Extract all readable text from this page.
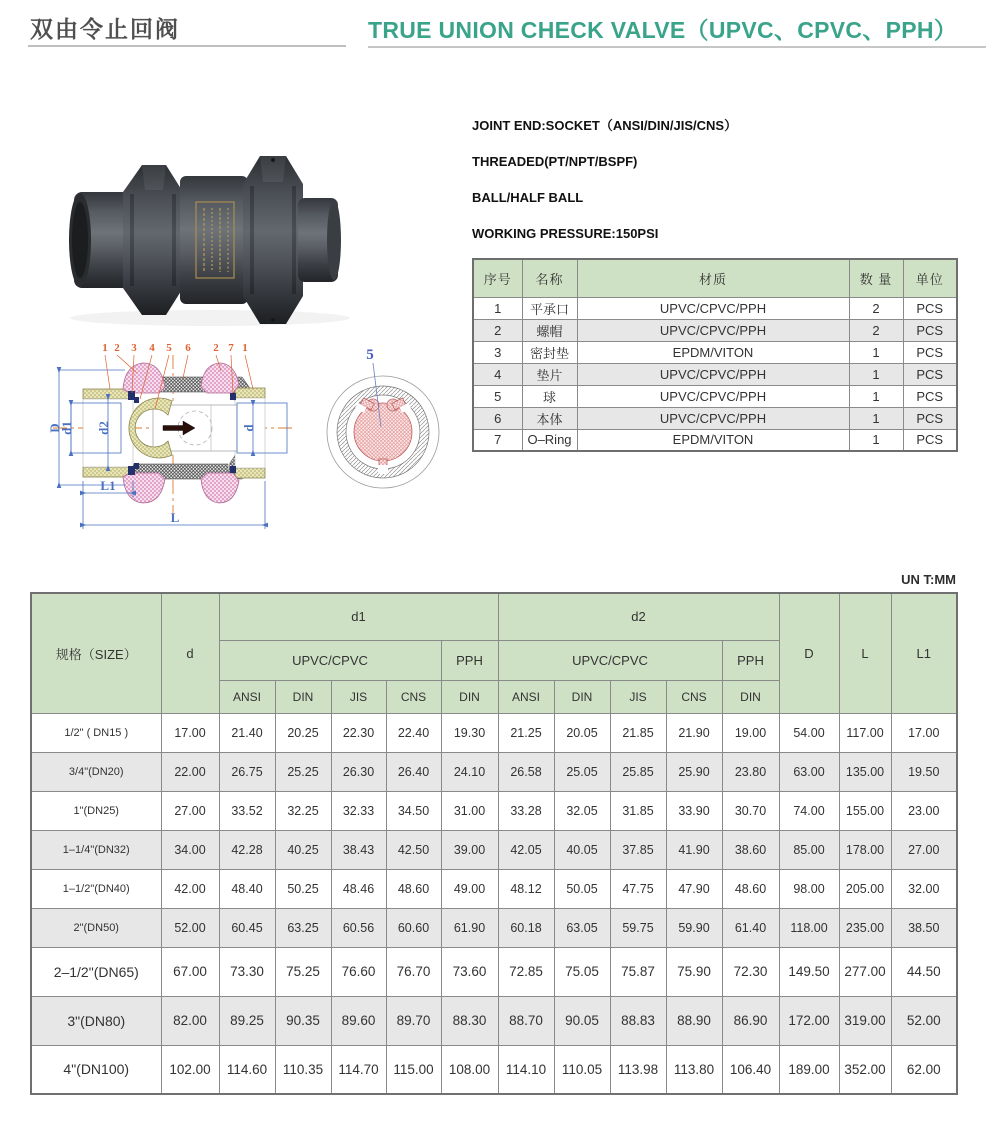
双由令止回阀	TRUE UNION CHECK VALVE（UPVC、CPVC、PPH）
JOINT END:SOCKET（ANSI/DIN/JIS/CNS）
THREADED(PT/NPT/BSPF)
BALL/HALF BALL
WORKING PRESSURE:150PSI
序号	名称	材质	数 量	单位
1	平承口	UPVC/CPVC/PPH	2	PCS
2	螺帽	UPVC/CPVC/PPH	2	PCS
3	密封垫	EPDM/VITON	1	PCS
4	垫片	UPVC/CPVC/PPH	1	PCS
5	球	UPVC/CPVC/PPH	1	PCS
6	本体	UPVC/CPVC/PPH	1	PCS
7	O–Ring	EPDM/VITON	1	PCS
D
d1 d2	d
L1
L
1 2 3 4 5 6 2 7 1	5
UN T:MM
规格（SIZE）	d	d1					d2					D	L	L1
		UPVC/CPVC				PPH	UPVC/CPVC				PPH			
		ANSI	DIN	JIS	CNS	DIN	ANSI	DIN	JIS	CNS	DIN			
1/2" ( DN15 )	17.00	21.40	20.25	22.30	22.40	19.30	21.25	20.05	21.85	21.90	19.00	54.00	117.00	17.00
3/4"(DN20)	22.00	26.75	25.25	26.30	26.40	24.10	26.58	25.05	25.85	25.90	23.80	63.00	135.00	19.50
1"(DN25)	27.00	33.52	32.25	32.33	34.50	31.00	33.28	32.05	31.85	33.90	30.70	74.00	155.00	23.00
1–1/4"(DN32)	34.00	42.28	40.25	38.43	42.50	39.00	42.05	40.05	37.85	41.90	38.60	85.00	178.00	27.00
1–1/2"(DN40)	42.00	48.40	50.25	48.46	48.60	49.00	48.12	50.05	47.75	47.90	48.60	98.00	205.00	32.00
2"(DN50)	52.00	60.45	63.25	60.56	60.60	61.90	60.18	63.05	59.75	59.90	61.40	118.00	235.00	38.50
2–1/2"(DN65)	67.00	73.30	75.25	76.60	76.70	73.60	72.85	75.05	75.87	75.90	72.30	149.50	277.00	44.50
3"(DN80)	82.00	89.25	90.35	89.60	89.70	88.30	88.70	90.05	88.83	88.90	86.90	172.00	319.00	52.00
4"(DN100)	102.00	114.60	110.35	114.70	115.00	108.00	114.10	110.05	113.98	113.80	106.40	189.00	352.00	62.00
